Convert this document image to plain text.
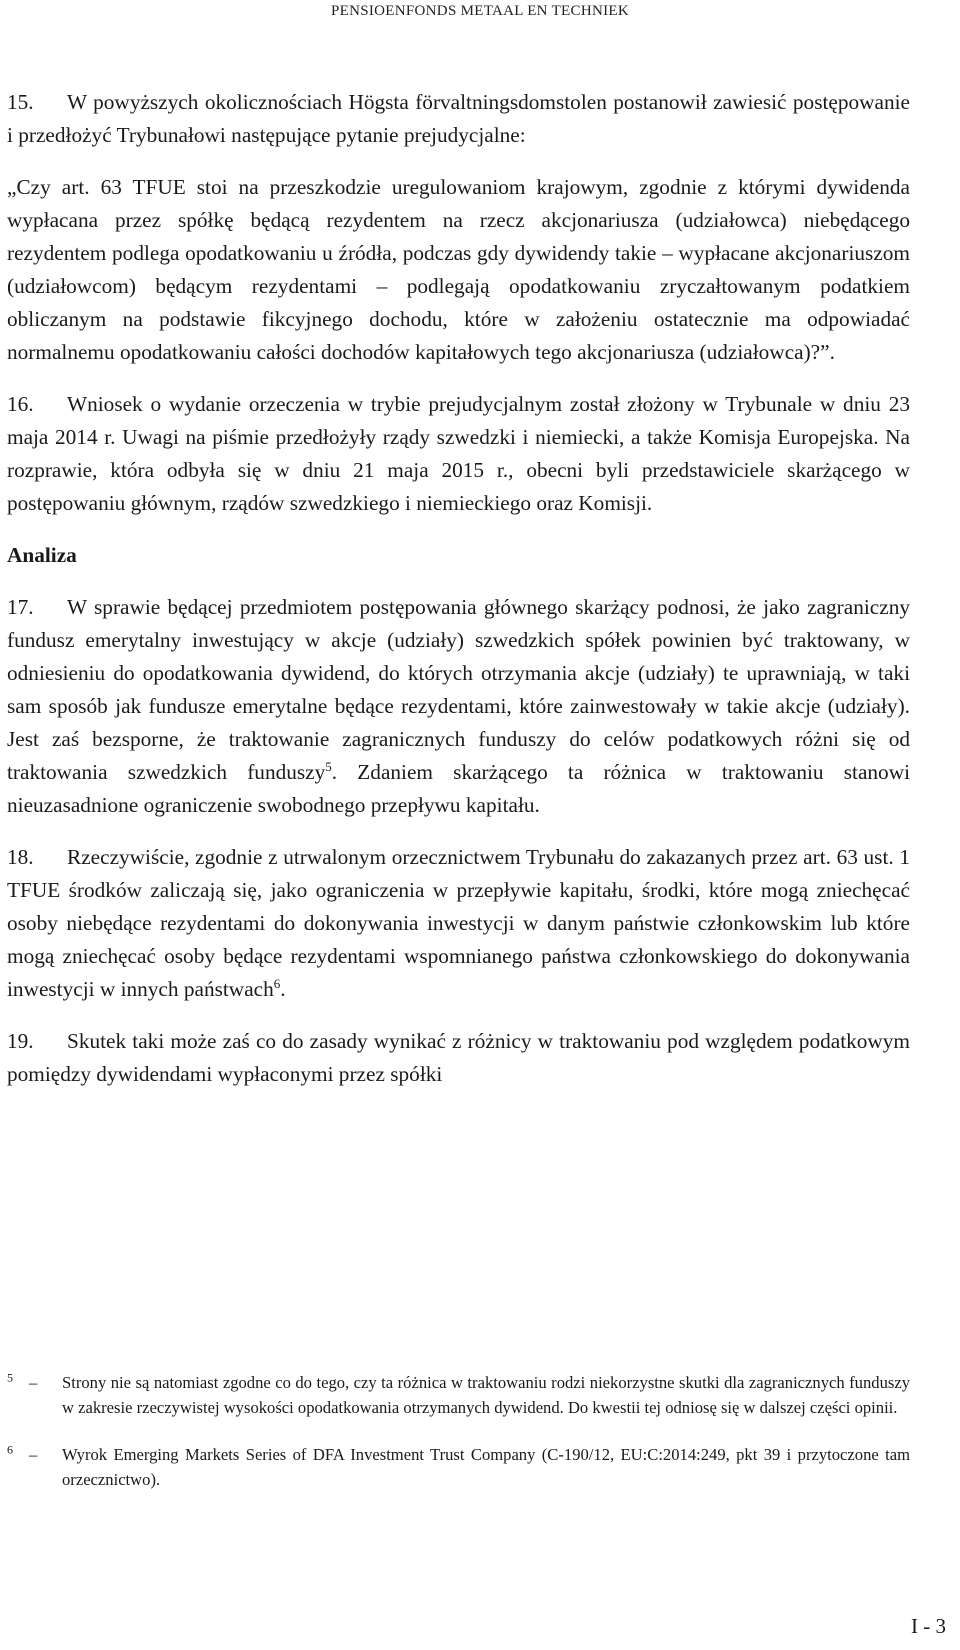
PENSIOENFONDS METAAL EN TECHNIEK

15. W powyższych okolicznościach Högsta förvaltningsdomstolen postanowił zawiesić postępowanie i przedłożyć Trybunałowi następujące pytanie prejudycjalne:

„Czy art. 63 TFUE stoi na przeszkodzie uregulowaniom krajowym, zgodnie z którymi dywidenda wypłacana przez spółkę będącą rezydentem na rzecz akcjonariusza (udziałowca) niebędącego rezydentem podlega opodatkowaniu u źródła, podczas gdy dywidendy takie – wypłacane akcjonariuszom (udziałowcom) będącym rezydentami – podlegają opodatkowaniu zryczałtowanym podatkiem obliczanym na podstawie fikcyjnego dochodu, które w założeniu ostatecznie ma odpowiadać normalnemu opodatkowaniu całości dochodów kapitałowych tego akcjonariusza (udziałowca)?”.

16. Wniosek o wydanie orzeczenia w trybie prejudycjalnym został złożony w Trybunale w dniu 23 maja 2014 r. Uwagi na piśmie przedłożyły rządy szwedzki i niemiecki, a także Komisja Europejska. Na rozprawie, która odbyła się w dniu 21 maja 2015 r., obecni byli przedstawiciele skarżącego w postępowaniu głównym, rządów szwedzkiego i niemieckiego oraz Komisji.

Analiza

17. W sprawie będącej przedmiotem postępowania głównego skarżący podnosi, że jako zagraniczny fundusz emerytalny inwestujący w akcje (udziały) szwedzkich spółek powinien być traktowany, w odniesieniu do opodatkowania dywidend, do których otrzymania akcje (udziały) te uprawniają, w taki sam sposób jak fundusze emerytalne będące rezydentami, które zainwestowały w takie akcje (udziały). Jest zaś bezsporne, że traktowanie zagranicznych funduszy do celów podatkowych różni się od traktowania szwedzkich funduszy$^5$. Zdaniem skarżącego ta różnica w traktowaniu stanowi nieuzasadnione ograniczenie swobodnego przepływu kapitału.

18. Rzeczywiście, zgodnie z utrwalonym orzecznictwem Trybunału do zakazanych przez art. 63 ust. 1 TFUE środków zaliczają się, jako ograniczenia w przepływie kapitału, środki, które mogą zniechęcać osoby niebędące rezydentami do dokonywania inwestycji w danym państwie członkowskim lub które mogą zniechęcać osoby będące rezydentami wspomnianego państwa członkowskiego do dokonywania inwestycji w innych państwach$^6$.

19. Skutek taki może zaś co do zasady wynikać z różnicy w traktowaniu pod względem podatkowym pomiędzy dywidendami wypłaconymi przez spółki

$^5$ – Strony nie są natomiast zgodne co do tego, czy ta różnica w traktowaniu rodzi niekorzystne skutki dla zagranicznych funduszy w zakresie rzeczywistej wysokości opodatkowania otrzymanych dywidend. Do kwestii tej odniosę się w dalszej części opinii.
$^6$ – Wyrok Emerging Markets Series of DFA Investment Trust Company (C-190/12, EU:C:2014:249, pkt 39 i przytoczone tam orzecznictwo).
I - 3
